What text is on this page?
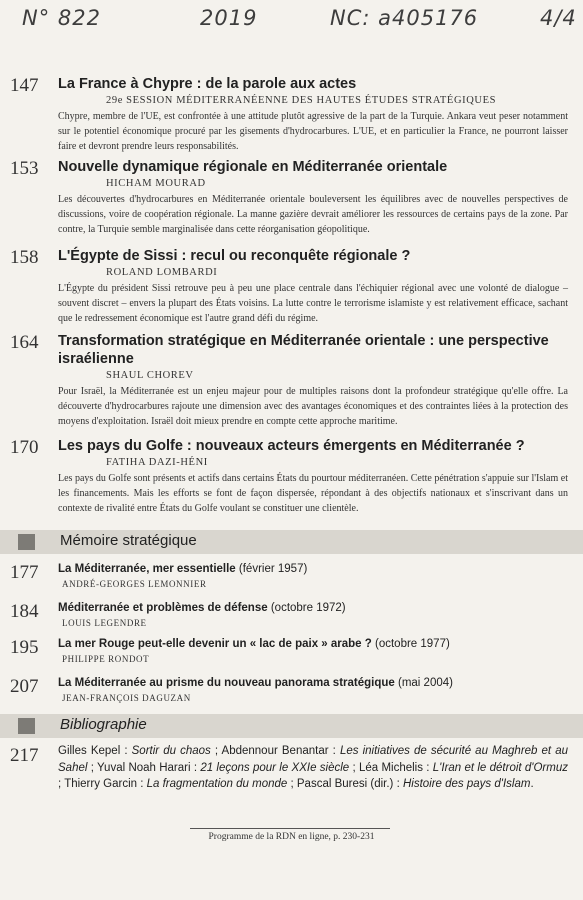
N° 822	2019	NC: a405176	4/4
147 La France à Chypre : de la parole aux actes
29e SESSION MÉDITERRANÉENNE DES HAUTES ÉTUDES STRATÉGIQUES
Chypre, membre de l'UE, est confrontée à une attitude plutôt agressive de la part de la Turquie. Ankara veut peser notamment sur le potentiel économique procuré par les gisements d'hydrocarbures. L'UE, et en particulier la France, ne pourront laisser faire et devront prendre leurs responsabilités.
153 Nouvelle dynamique régionale en Méditerranée orientale
HICHAM MOURAD
Les découvertes d'hydrocarbures en Méditerranée orientale bouleversent les équilibres avec de nouvelles perspectives de discussions, voire de coopération régionale. La manne gazière devrait améliorer les ressources de certains pays de la zone. Par contre, la Turquie semble marginalisée dans cette réorganisation géopolitique.
158 L'Égypte de Sissi : recul ou reconquête régionale ?
ROLAND LOMBARDI
L'Égypte du président Sissi retrouve peu à peu une place centrale dans l'échiquier régional avec une volonté de dialogue – souvent discret – envers la plupart des États voisins. La lutte contre le terrorisme islamiste y est relativement efficace, sachant que le redressement économique est l'autre grand défi du régime.
164 Transformation stratégique en Méditerranée orientale : une perspective israélienne
SHAUL CHOREV
Pour Israël, la Méditerranée est un enjeu majeur pour de multiples raisons dont la profondeur stratégique qu'elle offre. La découverte d'hydrocarbures rajoute une dimension avec des avantages économiques et des contraintes liées à la protection des moyens d'exploitation. Israël doit mieux prendre en compte cette approche maritime.
170 Les pays du Golfe : nouveaux acteurs émergents en Méditerranée ?
FATIHA DAZI-HÉNI
Les pays du Golfe sont présents et actifs dans certains États du pourtour méditerranéen. Cette pénétration s'appuie sur l'Islam et les financements. Mais les efforts se font de façon dispersée, répondant à des objectifs nationaux et s'inscrivant dans un contexte de rivalité entre États du Golfe voulant se constituer une clientèle.
Mémoire stratégique
177 La Méditerranée, mer essentielle (février 1957)
ANDRÉ-GEORGES LEMONNIER
184 Méditerranée et problèmes de défense (octobre 1972)
LOUIS LEGENDRE
195 La mer Rouge peut-elle devenir un « lac de paix » arabe ? (octobre 1977)
PHILIPPE RONDOT
207 La Méditerranée au prisme du nouveau panorama stratégique (mai 2004)
JEAN-FRANÇOIS DAGUZAN
Bibliographie
217 Gilles Kepel : Sortir du chaos ; Abdennour Benantar : Les initiatives de sécurité au Maghreb et au Sahel ; Yuval Noah Harari : 21 leçons pour le XXIe siècle ; Léa Michelis : L'Iran et le détroit d'Ormuz ; Thierry Garcin : La fragmentation du monde ; Pascal Buresi (dir.) : Histoire des pays d'Islam.
Programme de la RDN en ligne, p. 230-231
